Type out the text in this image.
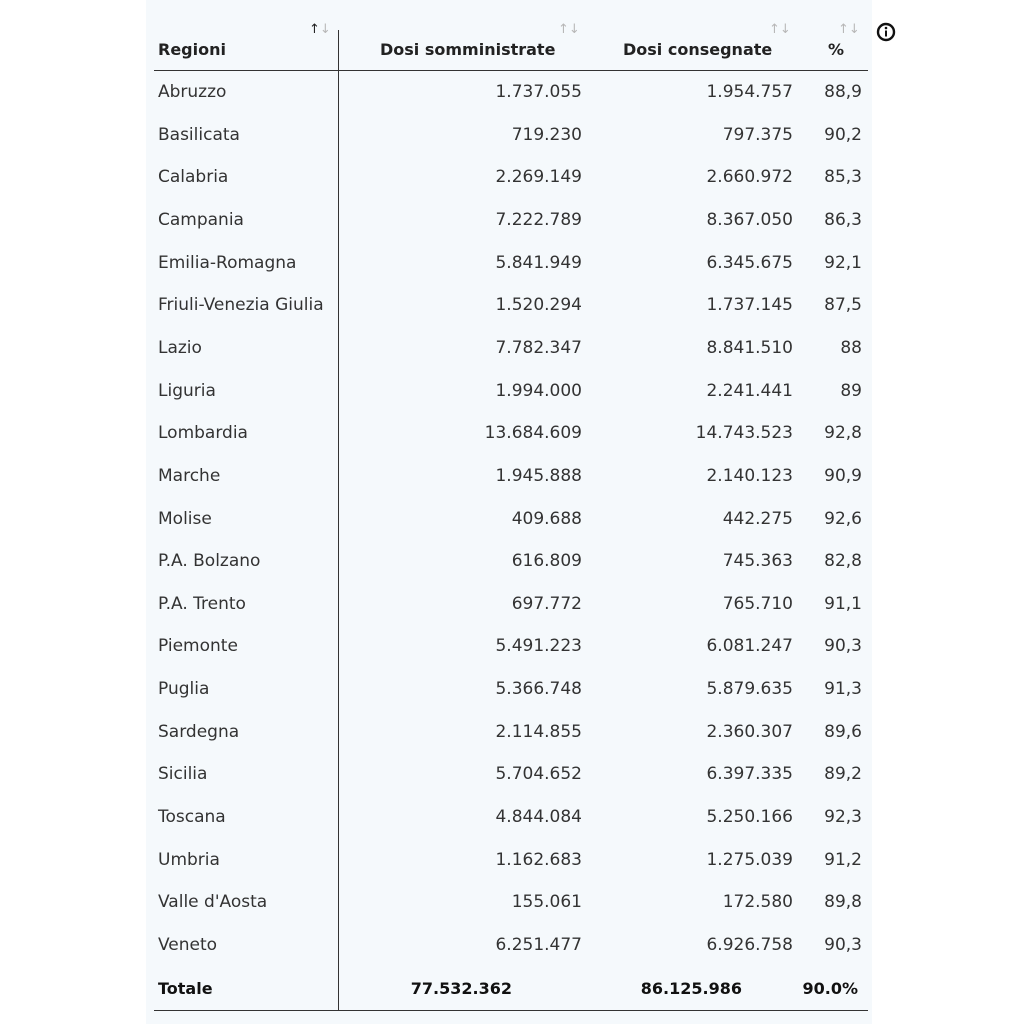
↑↓	↑↓	↑↓	↑↓
Regioni	Dosi somministrate	Dosi consegnate	%
Abruzzo	1.737.055	1.954.757 88,9
Basilicata	719.230	797.375 90,2
Calabria	2.269.149	2.660.972 85,3
Campania	7.222.789	8.367.050 86,3
Emilia-Romagna	5.841.949	6.345.675 92,1
Friuli-Venezia Giulia	1.520.294	1.737.145 87,5
Lazio	7.782.347	8.841.510	88
Liguria	1.994.000	2.241.441	89
Lombardia	13.684.609	14.743.523 92,8
Marche	1.945.888	2.140.123 90,9
Molise	409.688	442.275 92,6
P.A. Bolzano	616.809	745.363 82,8
P.A. Trento	697.772	765.710 91,1
Piemonte	5.491.223	6.081.247 90,3
Puglia	5.366.748	5.879.635 91,3
Sardegna	2.114.855	2.360.307 89,6
Sicilia	5.704.652	6.397.335 89,2
Toscana	4.844.084	5.250.166 92,3
Umbria	1.162.683	1.275.039 91,2
Valle d'Aosta	155.061	172.580 89,8
Veneto	6.251.477	6.926.758 90,3
Totale	77.532.362	86.125.986	90.0%
